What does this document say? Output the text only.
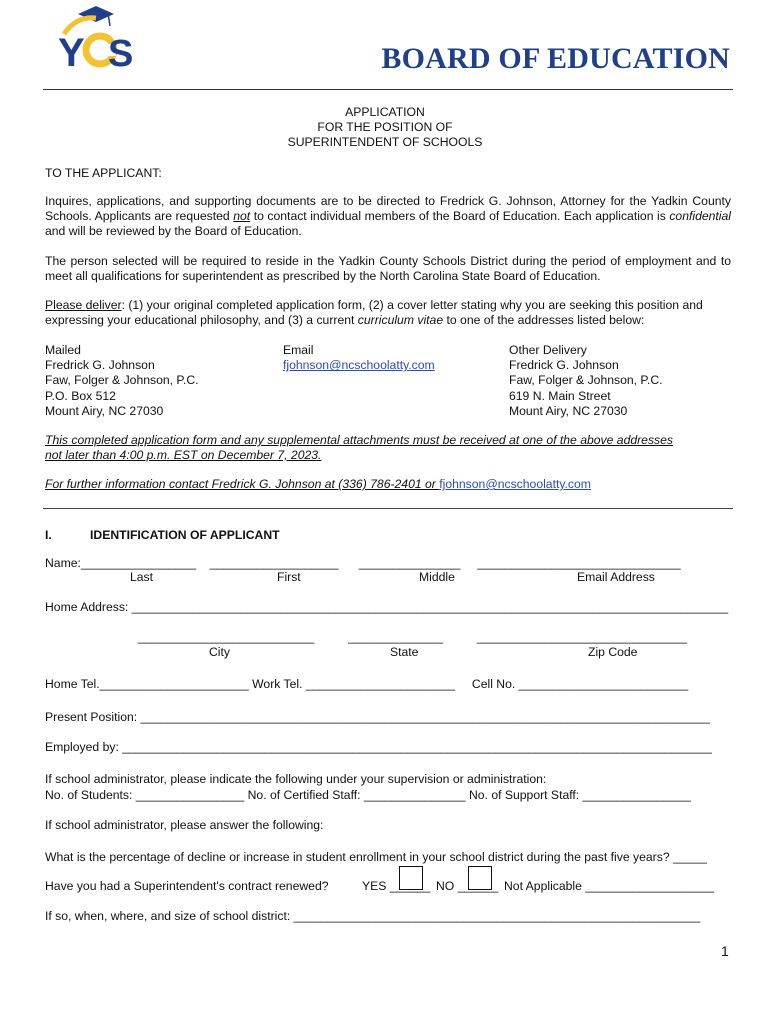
Y S	BOARD OF EDUCATION
APPLICATION
FOR THE POSITION OF
SUPERINTENDENT OF SCHOOLS
TO THE APPLICANT:
Inquires, applications, and supporting documents are to be directed to Fredrick G. Johnson, Attorney for the Yadkin County Schools. Applicants are requested not to contact individual members of the Board of Education. Each application is confidential and will be reviewed by the Board of Education.
The person selected will be required to reside in the Yadkin County Schools District during the period of employment and to meet all qualifications for superintendent as prescribed by the North Carolina State Board of Education.
Please deliver: (1) your original completed application form, (2) a cover letter stating why you are seeking this position and expressing your educational philosophy, and (3) a current curriculum vitae to one of the addresses listed below:
Mailed
Fredrick G. Johnson
Faw, Folger & Johnson, P.C.
P.O. Box 512
Mount Airy, NC 27030
Email
fjohnson@ncschoolatty.com
Other Delivery
Fredrick G. Johnson
Faw, Folger & Johnson, P.C.
619 N. Main Street
Mount Airy, NC 27030
This completed application form and any supplemental attachments must be received at one of the above addresses
not later than 4:00 p.m. EST on December 7, 2023.
For further information contact Fredrick G. Johnson at (336) 786-2401 or fjohnson@ncschoolatty.com
I.	IDENTIFICATION OF APPLICANT
Name:_________________    ___________________      _______________     ______________________________
Last	First	Middle	Email Address
Home Address: ________________________________________________________________________________________
__________________________          ______________          _______________________________
City	State	Zip Code
Home Tel.______________________ Work Tel. ______________________     Cell No. _________________________
Present Position: ____________________________________________________________________________________
Employed by: _______________________________________________________________________________________
If school administrator, please indicate the following under your supervision or administration:
No. of Students: ________________ No. of Certified Staff: _______________ No. of Support Staff: ________________
If school administrator, please answer the following:
What is the percentage of decline or increase in student enrollment in your school district during the past five years? _____
Have you had a Superintendent's contract renewed?	YES ______ NO ______ Not Applicable ___________________
If so, when, where, and size of school district: ____________________________________________________________
1
